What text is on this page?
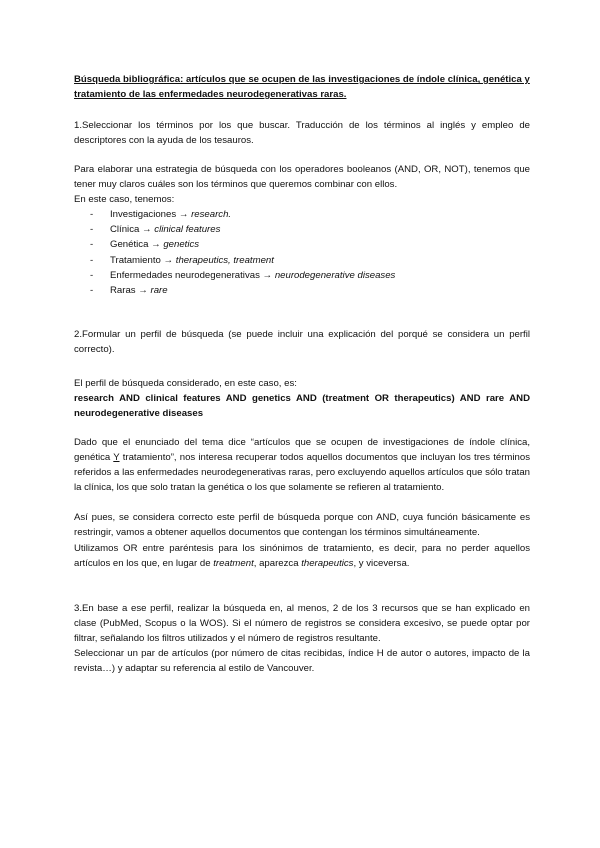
Búsqueda bibliográfica: artículos que se ocupen de las investigaciones de índole clínica, genética y tratamiento de las enfermedades neurodegenerativas raras.

1.Seleccionar los términos por los que buscar. Traducción de los términos al inglés y empleo de descriptores con la ayuda de los tesauros.

Para elaborar una estrategia de búsqueda con los operadores booleanos (AND, OR, NOT), tenemos que tener muy claros cuáles son los términos que queremos combinar con ellos.

En este caso, tenemos:

- Investigaciones → research.
- Clínica → clinical features
- Genética → genetics
- Tratamiento → therapeutics, treatment
- Enfermedades neurodegenerativas → neurodegenerative diseases
- Raras → rare

2.Formular un perfil de búsqueda (se puede incluir una explicación del porqué se considera un perfil correcto).

El perfil de búsqueda considerado, en este caso, es:

research AND clinical features AND genetics AND (treatment OR therapeutics) AND rare AND neurodegenerative diseases

Dado que el enunciado del tema dice “artículos que se ocupen de investigaciones de índole clínica, genética Y tratamiento”, nos interesa recuperar todos aquellos documentos que incluyan los tres términos referidos a las enfermedades neurodegenerativas raras, pero excluyendo aquellos artículos que sólo tratan la clínica, los que solo tratan la genética o los que solamente se refieren al tratamiento.

Así pues, se considera correcto este perfil de búsqueda porque con AND, cuya función básicamente es restringir, vamos a obtener aquellos documentos que contengan los términos simultáneamente.

Utilizamos OR entre paréntesis para los sinónimos de tratamiento, es decir, para no perder aquellos artículos en los que, en lugar de treatment, aparezca therapeutics, y viceversa.

3.En base a ese perfil, realizar la búsqueda en, al menos, 2 de los 3 recursos que se han explicado en clase (PubMed, Scopus o la WOS). Si el número de registros se considera excesivo, se puede optar por filtrar, señalando los filtros utilizados y el número de registros resultante.

Seleccionar un par de artículos (por número de citas recibidas, índice H de autor o autores, impacto de la revista…) y adaptar su referencia al estilo de Vancouver.
